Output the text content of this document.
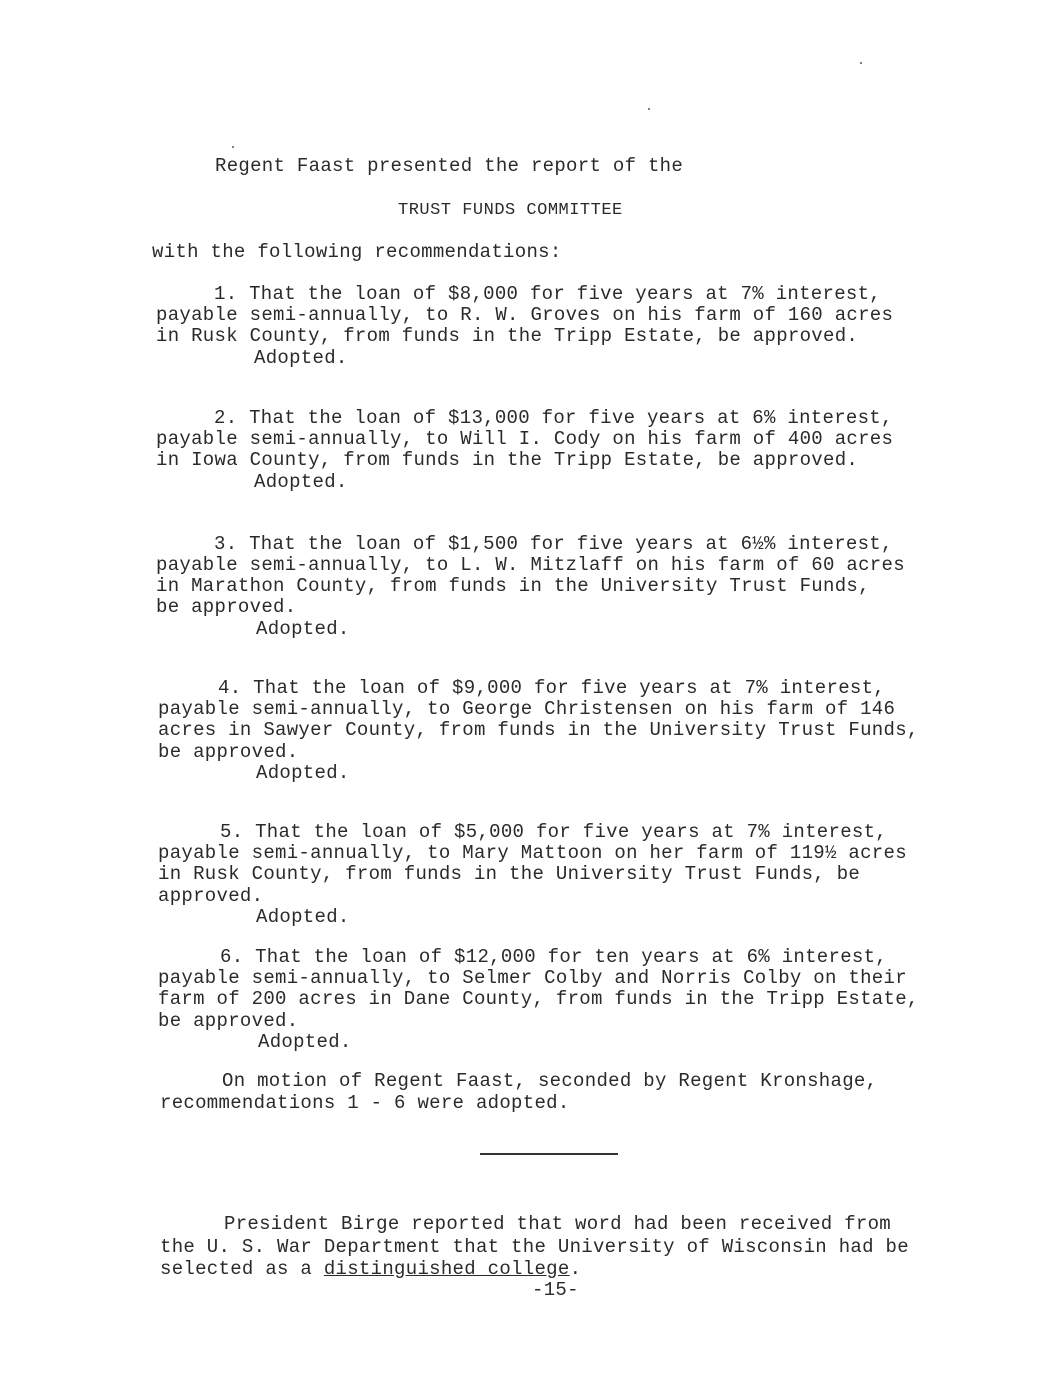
Regent Faast presented the report of the
TRUST FUNDS COMMITTEE
with the following recommendations:
1. That the loan of $8,000 for five years at 7% interest,
payable semi-annually, to R. W. Groves on his farm of 160 acres
in Rusk County, from funds in the Tripp Estate, be approved.
Adopted.
2. That the loan of $13,000 for five years at 6% interest,
payable semi-annually, to Will I. Cody on his farm of 400 acres
in Iowa County, from funds in the Tripp Estate, be approved.
Adopted.
3. That the loan of $1,500 for five years at 6½% interest,
payable semi-annually, to L. W. Mitzlaff on his farm of 60 acres
in Marathon County, from funds in the University Trust Funds,
be approved.
Adopted.
4. That the loan of $9,000 for five years at 7% interest,
payable semi-annually, to George Christensen on his farm of 146
acres in Sawyer County, from funds in the University Trust Funds,
be approved.
Adopted.
5. That the loan of $5,000 for five years at 7% interest,
payable semi-annually, to Mary Mattoon on her farm of 119½ acres
in Rusk County, from funds in the University Trust Funds, be
approved.
Adopted.
6. That the loan of $12,000 for ten years at 6% interest,
payable semi-annually, to Selmer Colby and Norris Colby on their
farm of 200 acres in Dane County, from funds in the Tripp Estate,
be approved.
Adopted.
On motion of Regent Faast, seconded by Regent Kronshage,
recommendations 1 - 6 were adopted.
President Birge reported that word had been received from
the U. S. War Department that the University of Wisconsin had be
selected as a distinguished college.
-15-
